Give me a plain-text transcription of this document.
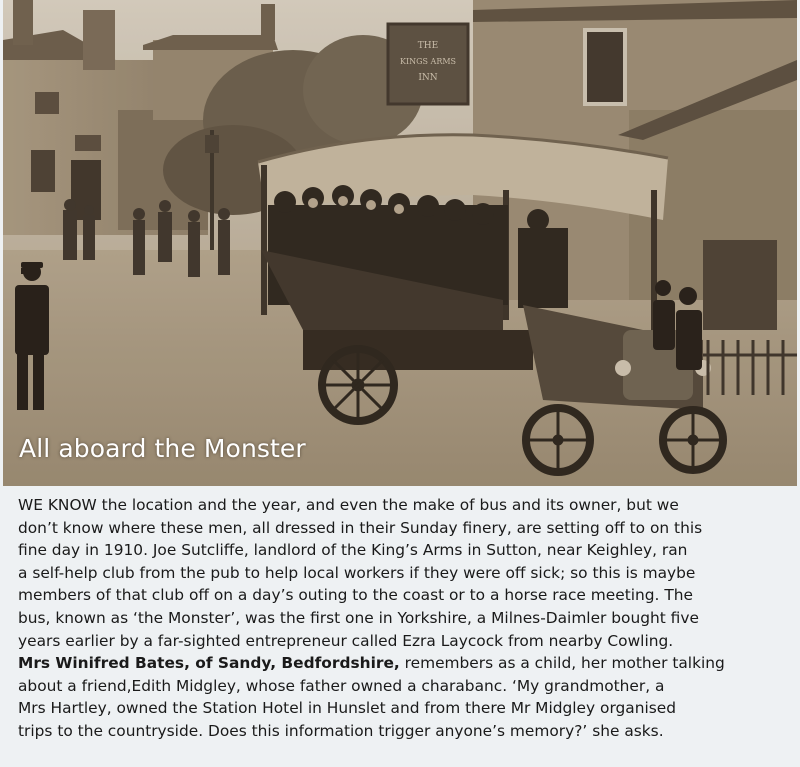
THE
KINGS ARMS
INN
All aboard the Monster

WE KNOW the location and the year, and even the make of bus and its owner, but we
don’t know where these men, all dressed in their Sunday finery, are setting off to on this
fine day in 1910. Joe Sutcliffe, landlord of the King’s Arms in Sutton, near Keighley, ran
a self-help club from the pub to help local workers if they were off sick; so this is maybe
members of that club off on a day’s outing to the coast or to a horse race meeting. The
bus, known as ‘the Monster’, was the first one in Yorkshire, a Milnes-Daimler bought five
years earlier by a far-sighted entrepreneur called Ezra Laycock from nearby Cowling.
Mrs Winifred Bates, of Sandy, Bedfordshire, remembers as a child, her mother talking
about a friend,Edith Midgley, whose father owned a charabanc. ‘My grandmother, a
Mrs Hartley, owned the Station Hotel in Hunslet and from there Mr Midgley organised
trips to the countryside. Does this information trigger anyone’s memory?’ she asks.
